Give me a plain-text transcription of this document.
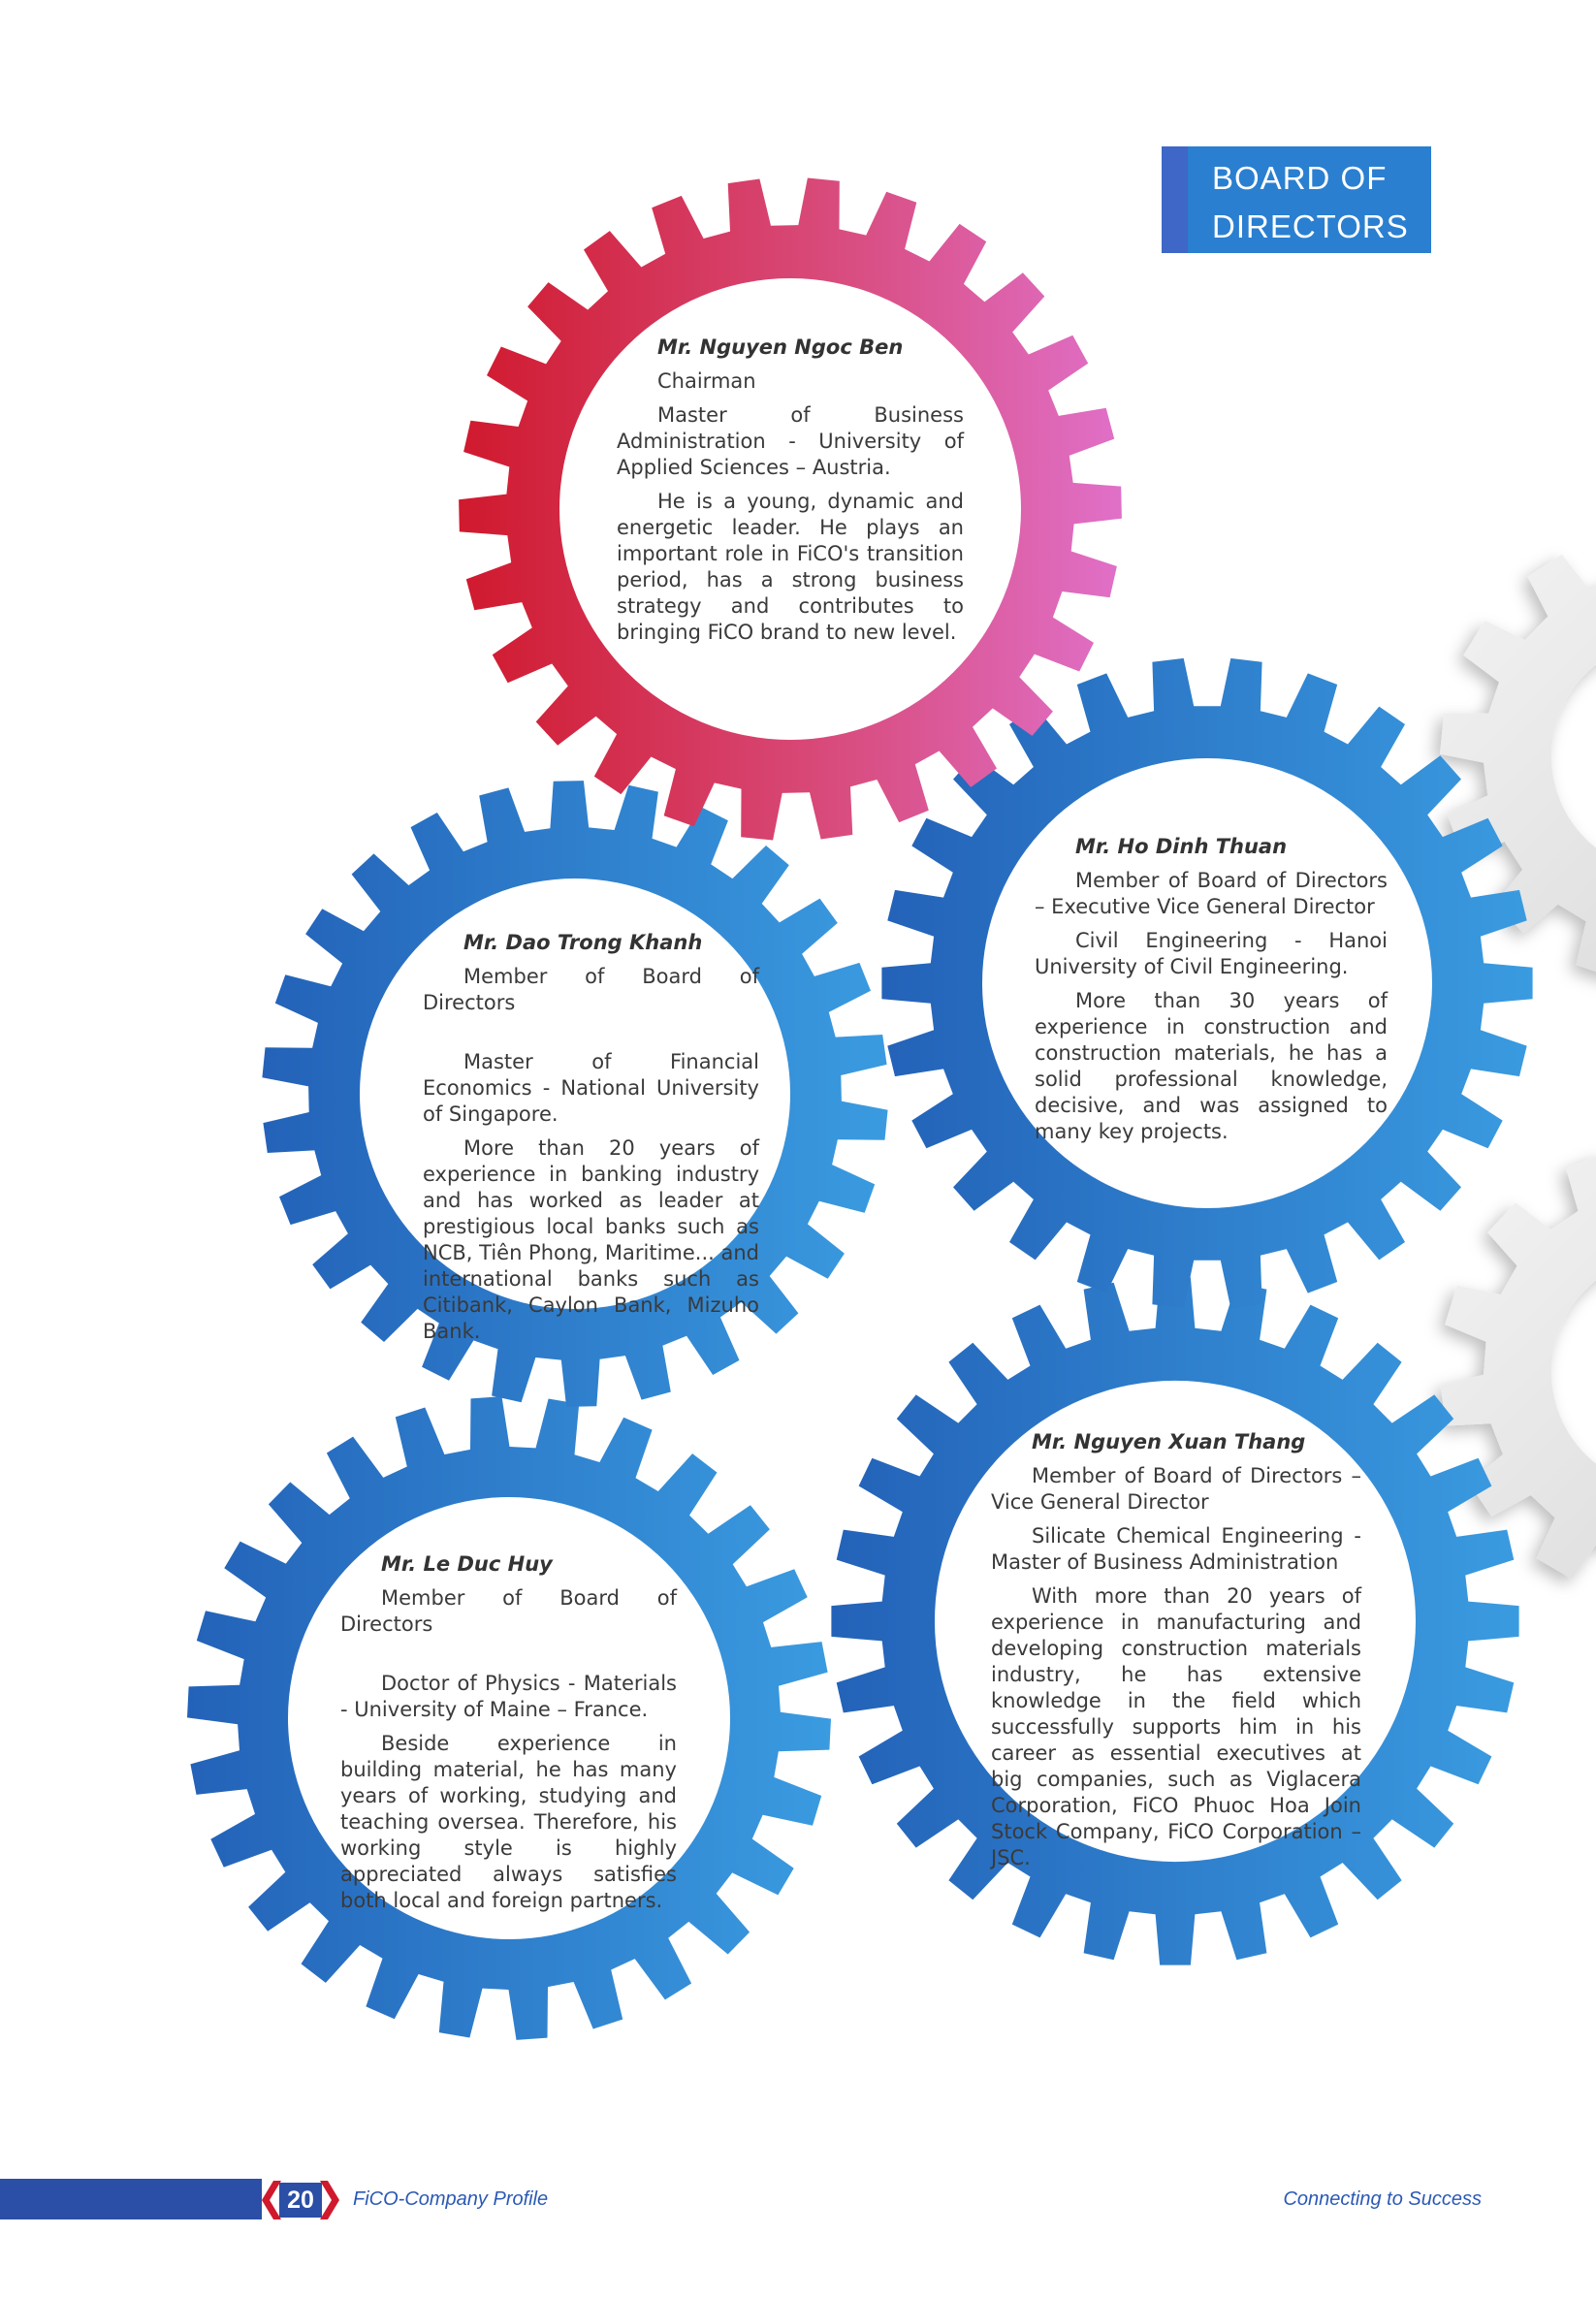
BOARD OF
DIRECTORS

Mr. Nguyen Ngoc Ben

Chairman

Master of Business Administration - University of Applied Sciences – Austria.

He is a young, dynamic and energetic leader. He plays an important role in FiCO's transition period, has a strong business strategy and contributes to bringing FiCO brand to new level.

Mr. Ho Dinh Thuan

Member of Board of Directors – Executive Vice General Director

Civil Engineering - Hanoi University of Civil Engineering.

More than 30 years of experience in construction and construction materials, he has a solid professional knowledge, decisive, and was assigned to many key projects.

Mr. Dao Trong Khanh

Member of Board of Directors

Master of Financial Economics - National University of Singapore.

More than 20 years of experience in banking industry and has worked as leader at prestigious local banks such as NCB, Tiên Phong, Maritime... and international banks such as Citibank, Caylon Bank, Mizuho Bank.

Mr. Nguyen Xuan Thang

Member of Board of Directors – Vice General Director

Silicate Chemical Engineering - Master of Business Administration

With more than 20 years of experience in manufacturing and developing construction materials industry, he has extensive knowledge in the field which successfully supports him in his career as essential executives at big companies, such as Viglacera Corporation, FiCO Phuoc Hoa Join Stock Company, FiCO Corporation – JSC.

Mr. Le Duc Huy

Member of Board of Directors

Doctor of Physics - Materials - University of Maine – France.

Beside experience in building material, he has many years of working, studying and teaching oversea. Therefore, his working style is highly appreciated always satisfies both local and foreign partners.

20	FiCO-Company Profile	Connecting to Success
